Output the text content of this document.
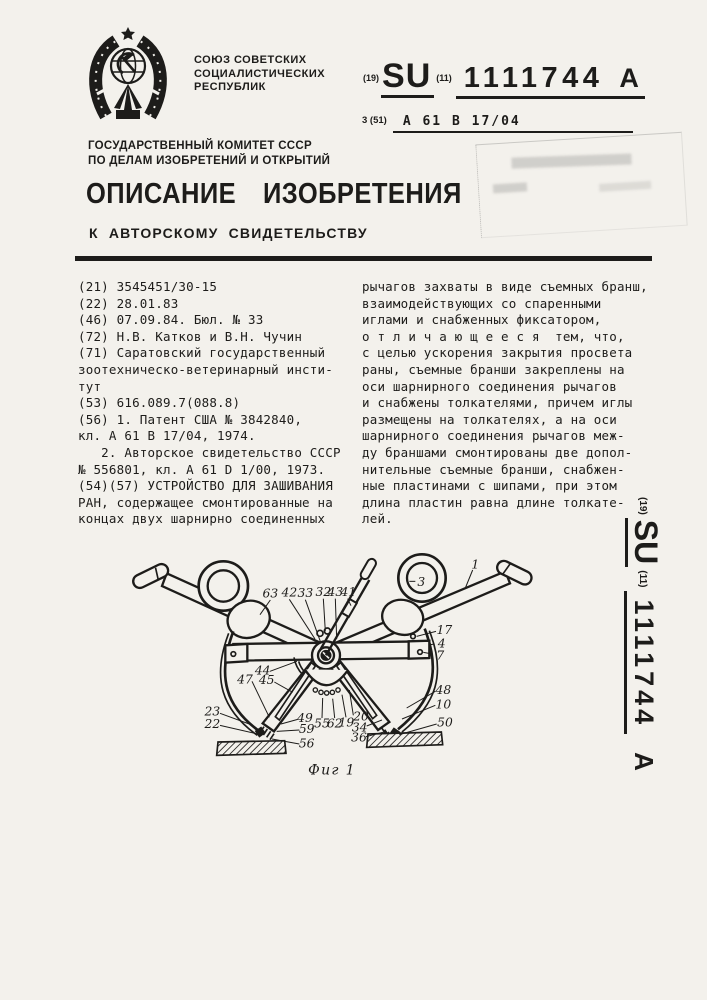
СОЮЗ СОВЕТСКИХ
СОЦИАЛИСТИЧЕСКИХ
РЕСПУБЛИК
ГОСУДАРСТВЕННЫЙ КОМИТЕТ СССР
ПО ДЕЛАМ ИЗОБРЕТЕНИЙ И ОТКРЫТИЙ
ОПИСАНИЕ ИЗОБРЕТЕНИЯ
К АВТОРСКОМУ СВИДЕТЕЛЬСТВУ
$^{(19)}$SU $^{(11)}$ 1111744 A
3 (51) А 61 В 17/04
(21) 3545451/30-15
(22) 28.01.83
(46) 07.09.84. Бюл. № 33
(72) Н.В. Катков и В.Н. Чучин
(71) Саратовский государственный
зоотехническо-ветеринарный инсти-
тут
(53) 616.089.7(088.8)
(56) 1. Патент США № 3842840,
кл. А 61 В 17/04, 1974.
2. Авторское свидетельство СССР
№ 556801, кл. А 61 D 1/00, 1973.
(54)(57) УСТРОЙСТВО ДЛЯ ЗАШИВАНИЯ
РАН, содержащее смонтированные на
концах двух шарнирно соединенных
рычагов захваты в виде съемных бранш,
взаимодействующих со спаренными
иглами и снабженных фиксатором,
о т л и ч а ю щ е е с я  тем, что,
с целью ускорения закрытия просвета
раны, съемные бранши закреплены на
оси шарнирного соединения рычагов
и снабжены толкателями, причем иглы
размещены на толкателях, а на оси
шарнирного соединения рычагов меж-
ду браншами смонтированы две допол-
нительные съемные бранши, снабжен-
ные пластинами с шипами, при этом
длина пластин равна длине толкате-
лей.
$^{(19)}$SU$^{(11)}$1111744A
63 42 33 32
43
41
3
1
17
4
7
44
47 45
23
22 49
59
56
55
62
19
20
34
36
48
10
50
Фиг 1
